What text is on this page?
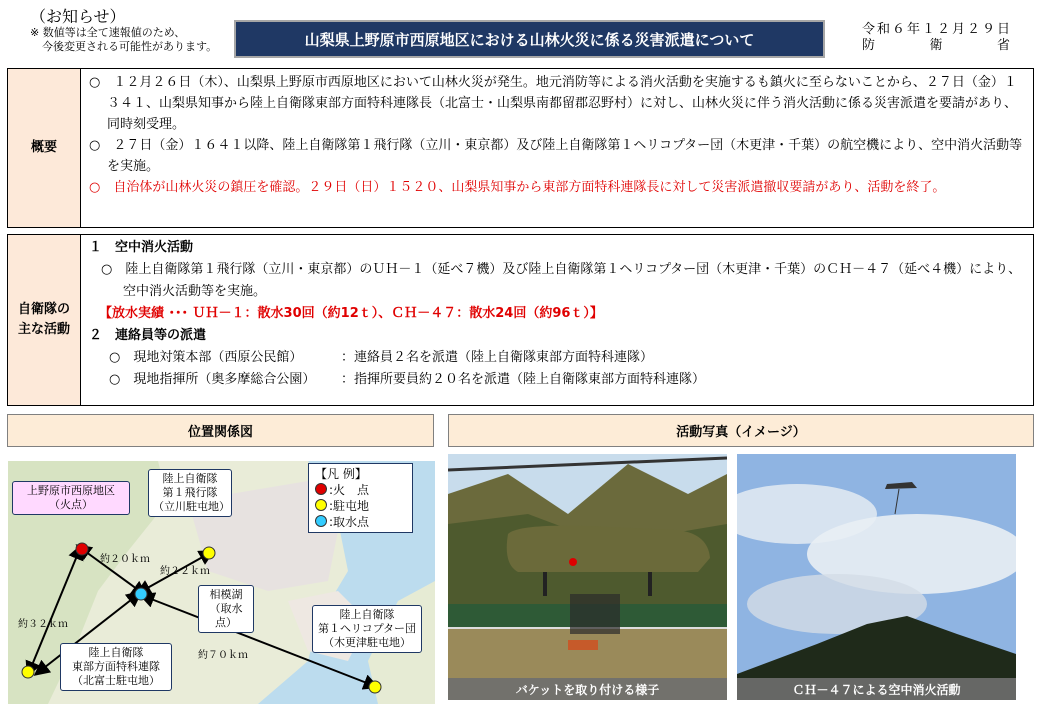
（お知らせ）
※ 数値等は全て速報値のため、
今後変更される可能性があります。	山梨県上野原市西原地区における山林火災に係る災害派遣について
令和６年１２月２９日
防	衛	省
概要
○　１２月２６日（木）、山梨県上野原市西原地区において山林火災が発生。地元消防等による消火活動を実施するも鎮火に至らないことから、２７日（金）１３４１、山梨県知事から陸上自衛隊東部方面特科連隊長（北富士・山梨県南都留郡忍野村）に対し、山林火災に伴う消火活動に係る災害派遣を要請があり、同時刻受理。
○　２７日（金）１６４１以降、陸上自衛隊第１飛行隊（立川・東京都）及び陸上自衛隊第１ヘリコプター団（木更津・千葉）の航空機により、空中消火活動等を実施。
○　自治体が山林火災の鎮圧を確認。２９日（日）１５２０、山梨県知事から東部方面特科連隊長に対して災害派遣撤収要請があり、活動を終了。
自衛隊の
主な活動
１　空中消火活動
○　陸上自衛隊第１飛行隊（立川・東京都）のＵＨ－１（延べ７機）及び陸上自衛隊第１ヘリコプター団（木更津・千葉）のＣＨ－４７（延べ４機）により、空中消火活動等を実施。
【放水実績 ･･･ ＵＨ－１：散水30回（約12ｔ）、ＣＨ－４７：散水24回（約96ｔ）】
２　連絡員等の派遣
○　現地対策本部（西原公民館）	：連絡員２名を派遣（陸上自衛隊東部方面特科連隊）
○　現地指揮所（奥多摩総合公園）	：指揮所要員約２０名を派遣（陸上自衛隊東部方面特科連隊）
位置関係図	活動写真（イメージ）
上野原市西原地区
（火点）
陸上自衛隊
第１飛行隊
（立川駐屯地）
相模湖
（取水点）
陸上自衛隊
東部方面特科連隊
（北富士駐屯地）
陸上自衛隊
第１ヘリコプター団
（木更津駐屯地）
約２０ｋｍ
約２２ｋｍ
約３２ｋｍ
約７０ｋｍ
【凡 例】
:火　点
:駐屯地
:取水点
バケットを取り付ける様子	ＣＨ－４７による空中消火活動
